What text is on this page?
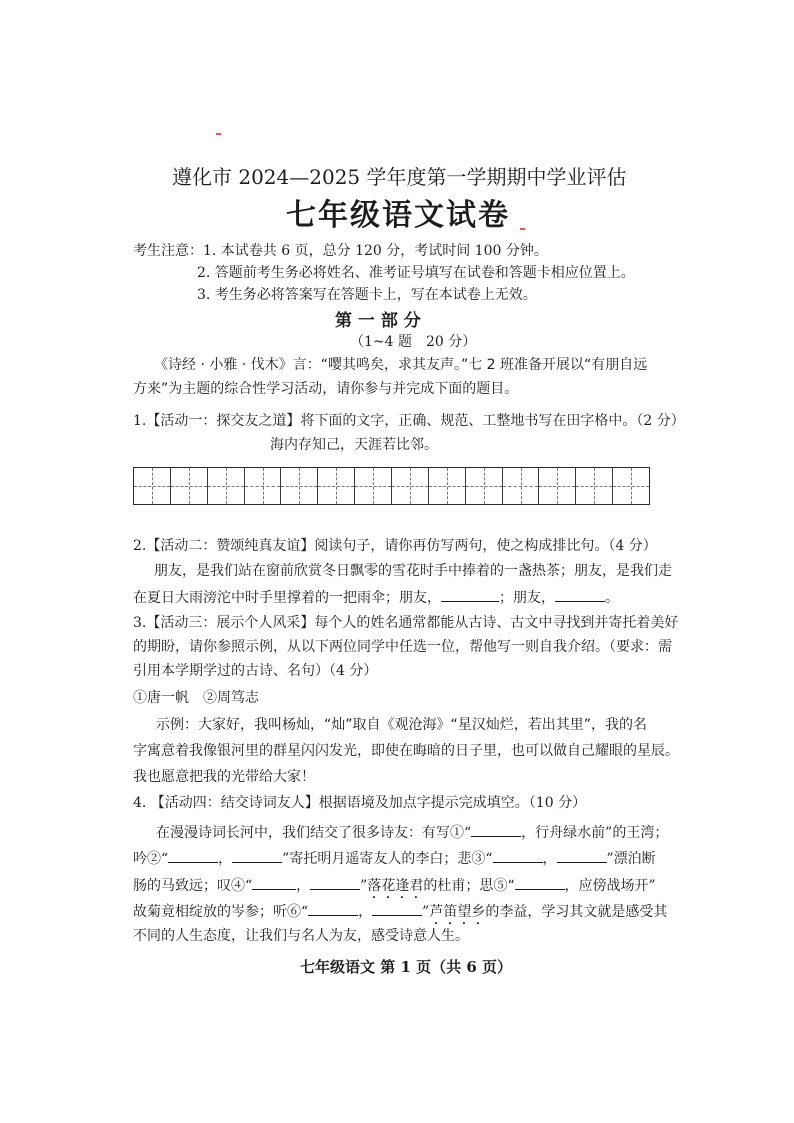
遵化市 2024—2025 学年度第一学期期中学业评估
七年级语文试卷
考生注意： 1. 本试卷共 6 页，总分 120 分，考试时间 100 分钟。
2. 答题前考生务必将姓名、准考证号填写在试卷和答题卡相应位置上。
3. 考生务必将答案写在答题卡上，写在本试卷上无效。
第 一 部 分
（1~4 题　20 分）
《诗经 · 小雅 · 伐木》言：“嘤其鸣矣，求其友声。”七 2 班准备开展以“有朋自远
方来”为主题的综合性学习活动，请你参与并完成下面的题目。
1.【活动一：探交友之道】将下面的文字，正确、规范、工整地书写在田字格中。（2 分）
海内存知己，天涯若比邻。
2.【活动二：赞颂纯真友谊】阅读句子，请你再仿写两句，使之构成排比句。（4 分）
朋友，是我们站在窗前欣赏冬日飘零的雪花时手中捧着的一盏热茶；朋友，是我们走
在夏日大雨滂沱中时手里撑着的一把雨伞；朋友，	；朋友，	。
3.【活动三：展示个人风采】每个人的姓名通常都能从古诗、古文中寻找到并寄托着美好
的期盼，请你参照示例，从以下两位同学中任选一位，帮他写一则自我介绍。（要求：需
引用本学期学过的古诗、名句）（4 分）
①唐一帆　②周笃志
示例：大家好，我叫杨灿，“灿”取自《观沧海》“星汉灿烂，若出其里”，我的名
字寓意着我像银河里的群星闪闪发光，即使在晦暗的日子里，也可以做自己耀眼的星辰。
我也愿意把我的光带给大家！
4. 【活动四：结交诗词友人】根据语境及加点字提示完成填空。（10 分）
在漫漫诗词长河中，我们结交了很多诗友：有写①“	，行舟绿水前”的王湾；
吟②“	，	”寄托明月遥寄友人的李白；悲③“	，	”漂泊断
肠的马致远；叹④“	，	”落花逢君的杜甫；思⑤“	，应傍战场开”
故菊竟相绽放的岑参；听⑥“	，	”芦笛望乡的李益，学习其文就是感受其
不同的人生态度，让我们与名人为友，感受诗意人生。
七年级语文 第 1 页（共 6 页）
